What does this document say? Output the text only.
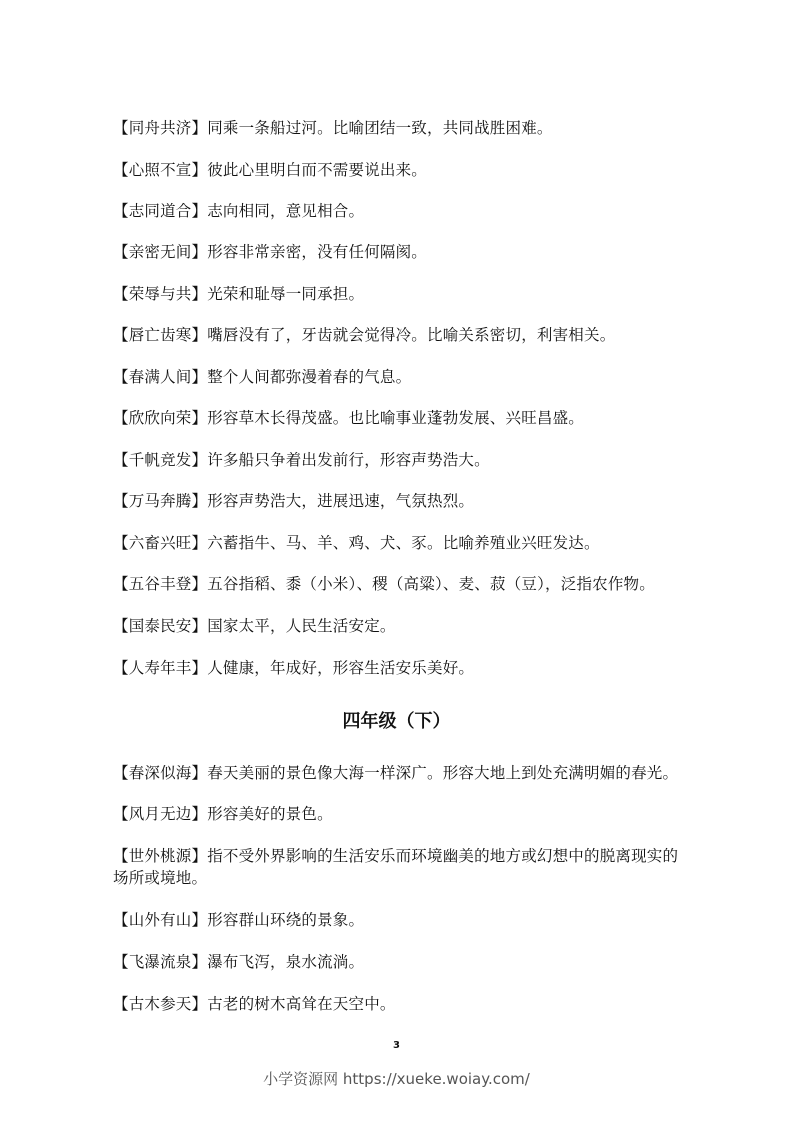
【同舟共济】同乘一条船过河。比喻团结一致，共同战胜困难。
【心照不宣】彼此心里明白而不需要说出来。
【志同道合】志向相同，意见相合。
【亲密无间】形容非常亲密，没有任何隔阂。
【荣辱与共】光荣和耻辱一同承担。
【唇亡齿寒】嘴唇没有了，牙齿就会觉得冷。比喻关系密切，利害相关。
【春满人间】整个人间都弥漫着春的气息。
【欣欣向荣】形容草木长得茂盛。也比喻事业蓬勃发展、兴旺昌盛。
【千帆竞发】许多船只争着出发前行，形容声势浩大。
【万马奔腾】形容声势浩大，进展迅速，气氛热烈。
【六畜兴旺】六蓄指牛、马、羊、鸡、犬、豕。比喻养殖业兴旺发达。
【五谷丰登】五谷指稻、黍（小米）、稷（高粱）、麦、菽（豆），泛指农作物。
【国泰民安】国家太平，人民生活安定。
【人寿年丰】人健康，年成好，形容生活安乐美好。
四年级（下）
【春深似海】春天美丽的景色像大海一样深广。形容大地上到处充满明媚的春光。
【风月无边】形容美好的景色。
【世外桃源】指不受外界影响的生活安乐而环境幽美的地方或幻想中的脱离现实的场所或境地。
【山外有山】形容群山环绕的景象。
【飞瀑流泉】瀑布飞泻，泉水流淌。
【古木参天】古老的树木高耸在天空中。
3
小学资源网 https://xueke.woiay.com/
